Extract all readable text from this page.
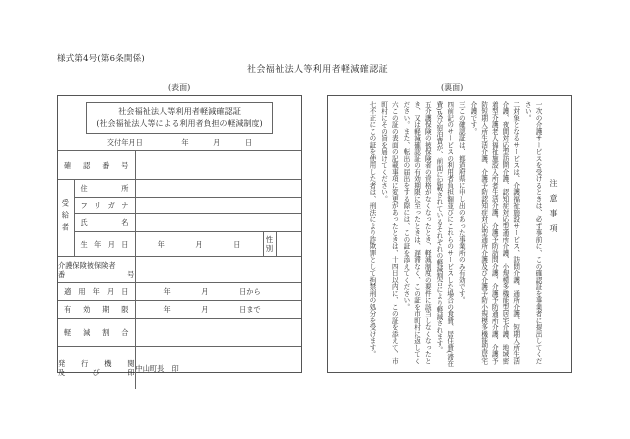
様式第4号(第6条関係)
社会福祉法人等利用者軽減確認証
(表面)	(裏面)
社会福祉法人等利用者軽減確認証
(社会福祉法人等による利用者負担の軽減制度)				

交付年月日 年 月 日				

確認番号				

受給者	住所			

	フリガナ			

	氏名			

	生年月日	年 月 日	性
別	

介護保険被保険者
番号				

適用年月日		年 月 日から		

有効期限		年 月 日まで		

軽減割合				

発行機関
及び印		中山町長　印		
注意事項
一次の介護サービスを受けるときは、必ず事前に、この確認証を事業者に提出してください。
二対象となるサービスは、介護福祉施設サービス、訪問介護、通所介護、短期入所生活介護、夜間対応型訪問介護、認知症対応型通所介護、小規模多機能型居宅介護、地域密着型介護老人福祉施設入所者生活介護、介護予防訪問介護、介護予防通所介護、介護予防短期入所生活介護、介護予防認知症対応型通所介護及び介護予防小規模多機能型居宅介護です。
三この確認証は、都道府県に申し出のあった事業所のみ有効です。
四前記のサービスの利用者負担額並びにこれらのサービスした場合の食費、居住費(滞在費)及び宿泊費が、前面に記載されているそれぞれの軽減割合により軽減されます。
五介護保険の被保険者の資格がなくなったとき、軽減制度の要件に該当しなくなったとき、又は軽減確認証の有効期限に至ったときは、遅滞なく、この証を市町村に返してください。また、転出の届出をする際には、この証を添えてください。
六この証の表面の記載事項に変更があったときは、十四日以内に、この証を添えて、市町村にその旨を届けてください。
七不正にこの証を使用した者は、刑法により詐欺罪として拘禁刑の処分を受けます。
